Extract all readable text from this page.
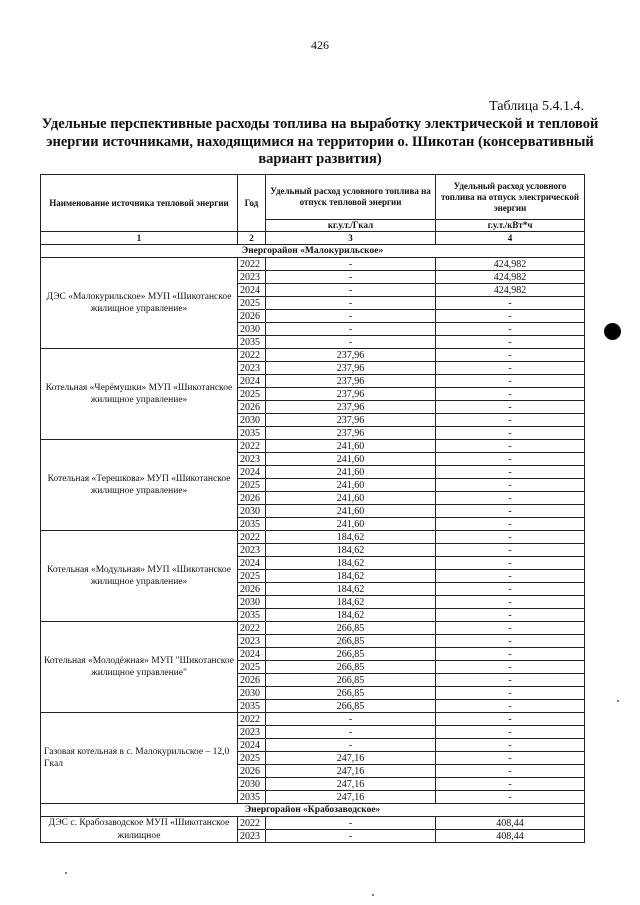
426
Таблица 5.4.1.4.
Удельные перспективные расходы топлива на выработку электрической и тепловой энергии источниками, находящимися на территории о. Шикотан (консервативный вариант развития)
Наименование источника тепловой энергии	Год	Удельный расход условного топлива на отпуск тепловой энергии	Удельный расход условного топлива на отпуск электрической энергии
		кг.у.т./Гкал	г.у.т./кВт*ч
1	2	3	4
Энергорайон «Малокурильское»			
ДЭС «Малокурильское» МУП «Шикотанское жилищное управление»	2022	-	424,982
	2023	-	424,982
	2024	-	424,982
	2025	-	-
	2026	-	-
	2030	-	-
	2035	-	-
Котельная «Черёмушки» МУП «Шикотанское жилищное управление»	2022	237,96	-
	2023	237,96	-
	2024	237,96	-
	2025	237,96	-
	2026	237,96	-
	2030	237,96	-
	2035	237,96	-
Котельная «Терешкова» МУП «Шикотанское жилищное управление»	2022	241,60	-
	2023	241,60	-
	2024	241,60	-
	2025	241,60	-
	2026	241,60	-
	2030	241,60	-
	2035	241,60	-
Котельная «Модульная» МУП «Шикотанское жилищное управление»	2022	184,62	-
	2023	184,62	-
	2024	184,62	-
	2025	184,62	-
	2026	184,62	-
	2030	184,62	-
	2035	184,62	-
Котельная «Молодёжная» МУП "Шикотанское жилищное управление"	2022	266,85	-
	2023	266,85	-
	2024	266,85	-
	2025	266,85	-
	2026	266,85	-
	2030	266,85	-
	2035	266,85	-
Газовая котельная в с. Малокурильское – 12,0 Гкал	2022	-	-
	2023	-	-
	2024	-	-
	2025	247,16	-
	2026	247,16	-
	2030	247,16	-
	2035	247,16	-
Энергорайон «Крабозаводское»			
ДЭС с. Крабозаводское МУП «Шикотанское жилищное	2022	-	408,44
	2023	-	408,44
